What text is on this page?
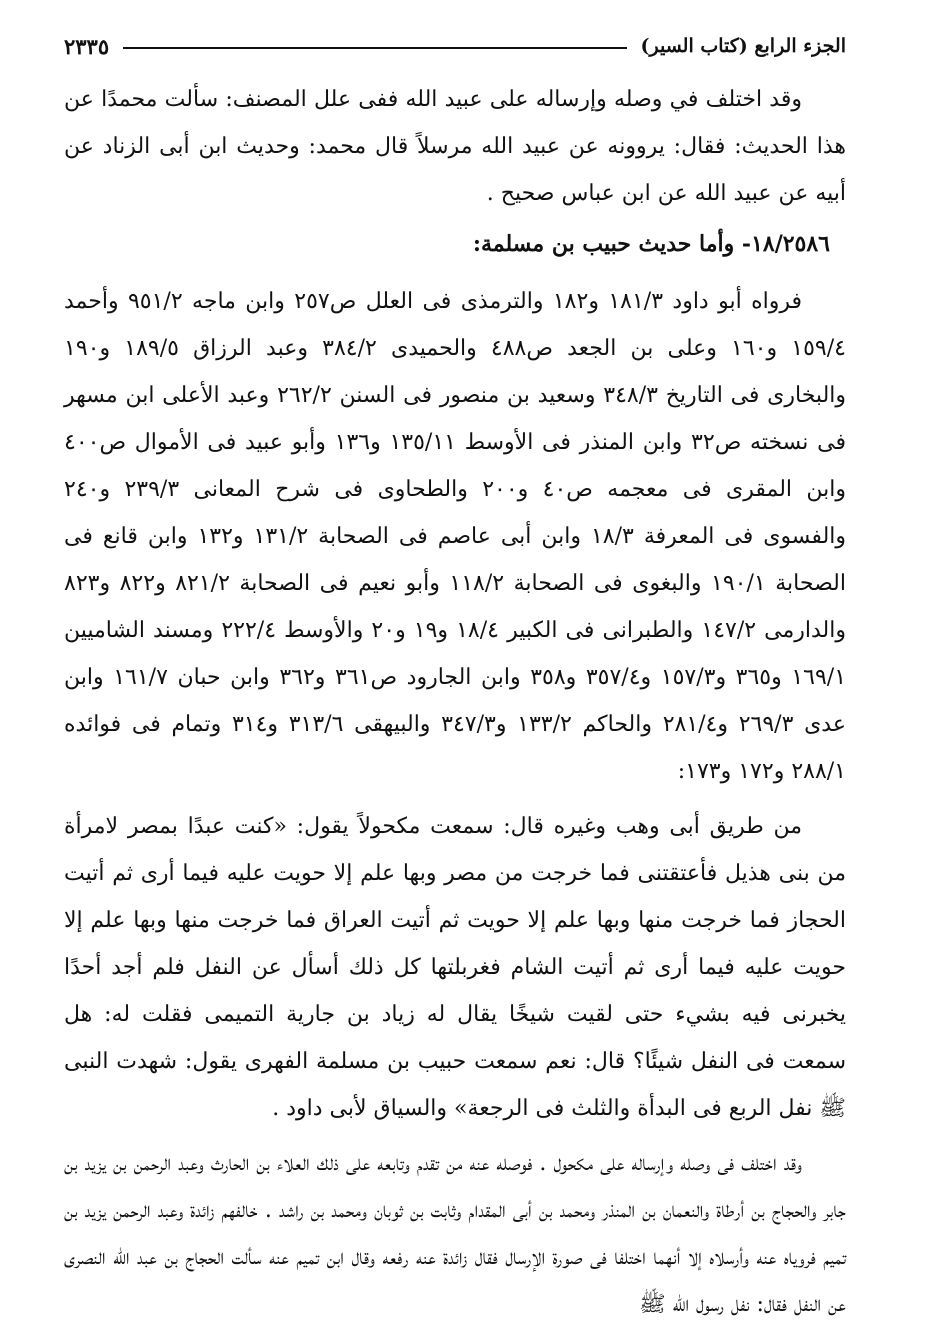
الجزء الرابع (كتاب السير)
٢٣٣٥

وقد اختلف في وصله وإرساله على عبيد الله ففى علل المصنف: سألت محمدًا عن هذا الحديث: فقال: يروونه عن عبيد الله مرسلاً قال محمد: وحديث ابن أبى الزناد عن أبيه عن عبيد الله عن ابن عباس صحيح .

١٨/٢٥٨٦- وأما حديث حبيب بن مسلمة:

فرواه أبو داود ١٨١/٣ و١٨٢ والترمذى فى العلل ص٢٥٧ وابن ماجه ٩٥١/٢ وأحمد ١٥٩/٤ و١٦٠ وعلى بن الجعد ص٤٨٨ والحميدى ٣٨٤/٢ وعبد الرزاق ١٨٩/٥ و١٩٠ والبخارى فى التاريخ ٣٤٨/٣ وسعيد بن منصور فى السنن ٢٦٢/٢ وعبد الأعلى ابن مسهر فى نسخته ص٣٢ وابن المنذر فى الأوسط ١٣٥/١١ و١٣٦ وأبو عبيد فى الأموال ص٤٠٠ وابن المقرى فى معجمه ص٤٠ و٢٠٠ والطحاوى فى شرح المعانى ٢٣٩/٣ و٢٤٠ والفسوى فى المعرفة ١٨/٣ وابن أبى عاصم فى الصحابة ١٣١/٢ و١٣٢ وابن قانع فى الصحابة ١٩٠/١ والبغوى فى الصحابة ١١٨/٢ وأبو نعيم فى الصحابة ٨٢١/٢ و٨٢٢ و٨٢٣ والدارمى ١٤٧/٢ والطبرانى فى الكبير ١٨/٤ و١٩ و٢٠ والأوسط ٢٢٢/٤ ومسند الشاميين ١٦٩/١ و٣٦٥ و١٥٧/٣ و٣٥٧/٤ و٣٥٨ وابن الجارود ص٣٦١ و٣٦٢ وابن حبان ١٦١/٧ وابن عدى ٢٦٩/٣ و٢٨١/٤ والحاكم ١٣٣/٢ و٣٤٧/٣ والبيهقى ٣١٣/٦ و٣١٤ وتمام فى فوائده ٢٨٨/١ و١٧٢ و١٧٣:

من طريق أبى وهب وغيره قال: سمعت مكحولاً يقول: «كنت عبدًا بمصر لامرأة من بنى هذيل فأعتقتنى فما خرجت من مصر وبها علم إلا حويت عليه فيما أرى ثم أتيت الحجاز فما خرجت منها وبها علم إلا حويت ثم أتيت العراق فما خرجت منها وبها علم إلا حويت عليه فيما أرى ثم أتيت الشام فغربلتها كل ذلك أسأل عن النفل فلم أجد أحدًا يخبرنى فيه بشيء حتى لقيت شيخًا يقال له زياد بن جارية التميمى فقلت له: هل سمعت فى النفل شيئًا؟ قال: نعم سمعت حبيب بن مسلمة الفهرى يقول: شهدت النبى ﷺ نفل الربع فى البدأة والثلث فى الرجعة» والسياق لأبى داود .

وقد اختلف فى وصله وإرساله على مكحول . فوصله عنه من تقدم وتابعه على ذلك العلاء بن الحارث وعبد الرحمن بن يزيد بن جابر والحجاج بن أرطاة والنعمان بن المنذر ومحمد بن أبى المقدام وثابت بن ثوبان ومحمد بن راشد . خالفهم زائدة وعبد الرحمن يزيد بن تميم فروياه عنه وأرسلاه إلا أنهما اختلفا فى صورة الإرسال فقال زائدة عنه رفعه وقال ابن تميم عنه سألت الحجاج بن عبد الله النصرى عن النفل فقال: نفل رسول الله ﷺ
